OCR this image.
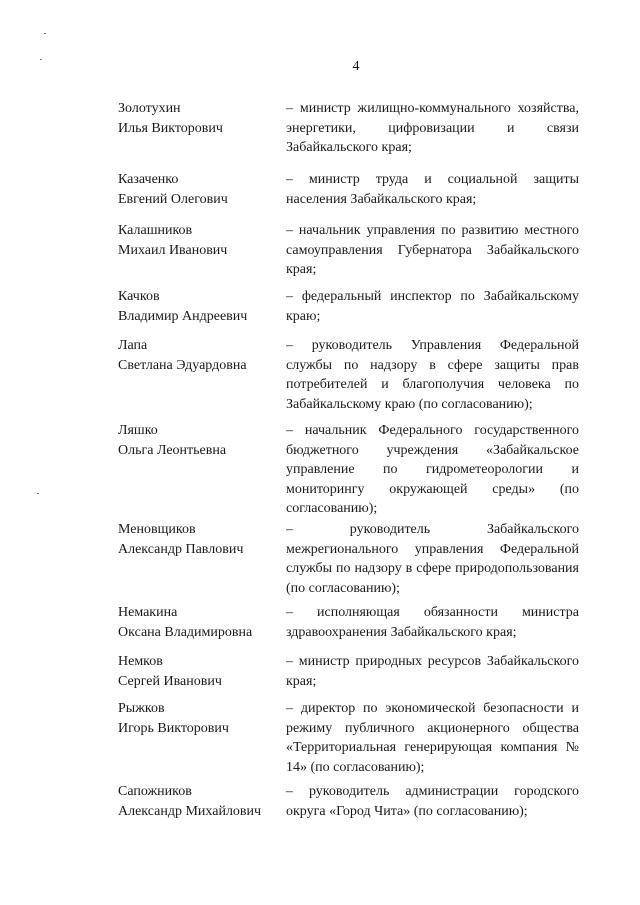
4
Золотухин
Илья Викторович
– министр жилищно-коммунального хозяйства, энергетики, цифровизации и связи Забайкальского края;
Казаченко
Евгений Олегович
– министр труда и социальной защиты населения Забайкальского края;
Калашников
Михаил Иванович
– начальник управления по развитию местного самоуправления Губернатора Забайкальского края;
Качков
Владимир Андреевич
– федеральный инспектор по Забайкальскому краю;
Лапа
Светлана Эдуардовна
– руководитель Управления Федеральной службы по надзору в сфере защиты прав потребителей и благополучия человека по Забайкальскому краю (по согласованию);
Ляшко
Ольга Леонтьевна
– начальник Федерального государственного бюджетного учреждения «Забайкальское управление по гидрометеорологии и мониторингу окружающей среды» (по согласованию);
Меновщиков
Александр Павлович
– руководитель Забайкальского межрегионального управления Федеральной службы по надзору в сфере природопользования (по согласованию);
Немакина
Оксана Владимировна
– исполняющая обязанности министра здравоохранения Забайкальского края;
Немков
Сергей Иванович
– министр природных ресурсов Забайкальского края;
Рыжков
Игорь Викторович
– директор по экономической безопасности и режиму публичного акционерного общества «Территориальная генерирующая компания № 14» (по согласованию);
Сапожников
Александр Михайлович
– руководитель администрации городского округа «Город Чита» (по согласованию);
